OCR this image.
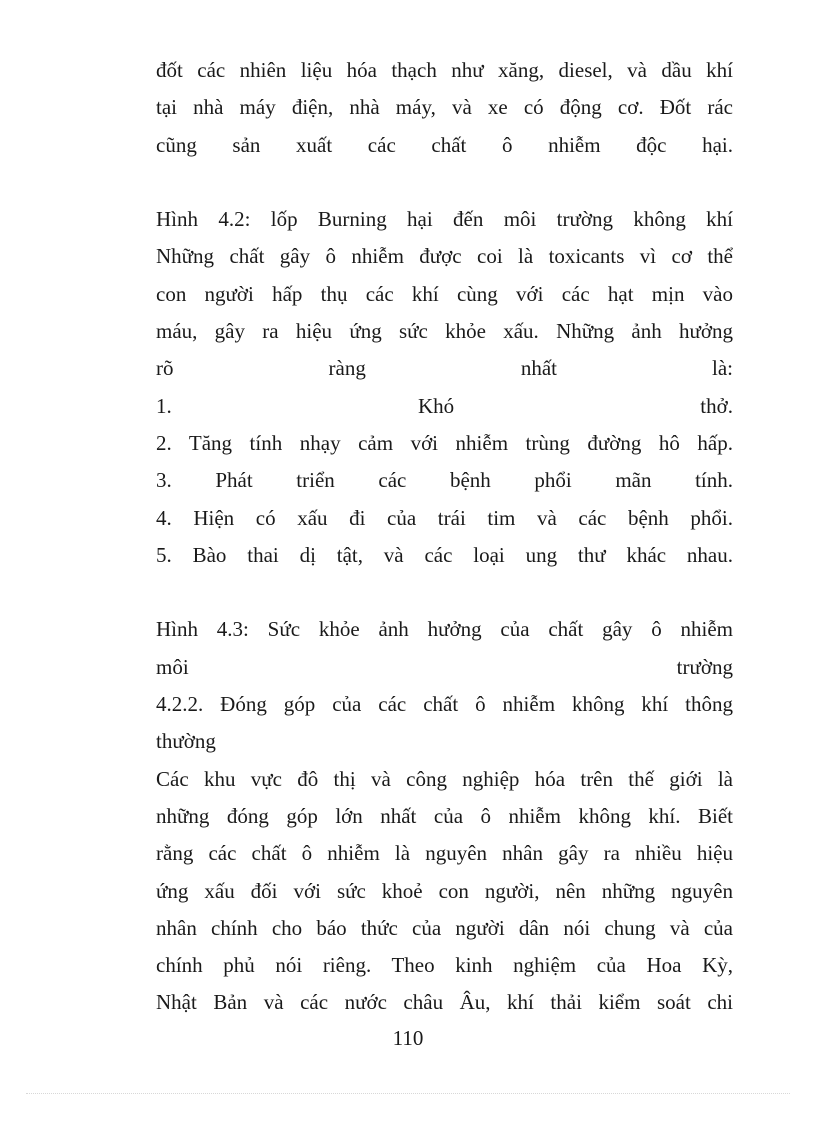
đốt các nhiên liệu hóa thạch như xăng, diesel, và dầu khí
tại nhà máy điện, nhà máy, và xe có động cơ. Đốt rác
cũng sản xuất các chất ô nhiễm độc hại.
Hình 4.2: lốp Burning hại đến môi trường không khí
Những chất gây ô nhiễm được coi là toxicants vì cơ thể
con người hấp thụ các khí cùng với các hạt mịn vào
máu, gây ra hiệu ứng sức khỏe xấu. Những ảnh hưởng
rõ ràng nhất là:
1. Khó thở.
2. Tăng tính nhạy cảm với nhiễm trùng đường hô hấp.
3. Phát triển các bệnh phổi mãn tính.
4. Hiện có xấu đi của trái tim và các bệnh phổi.
5. Bào thai dị tật, và các loại ung thư khác nhau.
Hình 4.3: Sức khỏe ảnh hưởng của chất gây ô nhiễm
môi trường
4.2.2. Đóng góp của các chất ô nhiễm không khí thông
thường
Các khu vực đô thị và công nghiệp hóa trên thế giới là
những đóng góp lớn nhất của ô nhiễm không khí. Biết
rằng các chất ô nhiễm là nguyên nhân gây ra nhiều hiệu
ứng xấu đối với sức khoẻ con người, nên những nguyên
nhân chính cho báo thức của người dân nói chung và của
chính phủ nói riêng. Theo kinh nghiệm của Hoa Kỳ,
Nhật Bản và các nước châu Âu, khí thải kiểm soát chi
110
